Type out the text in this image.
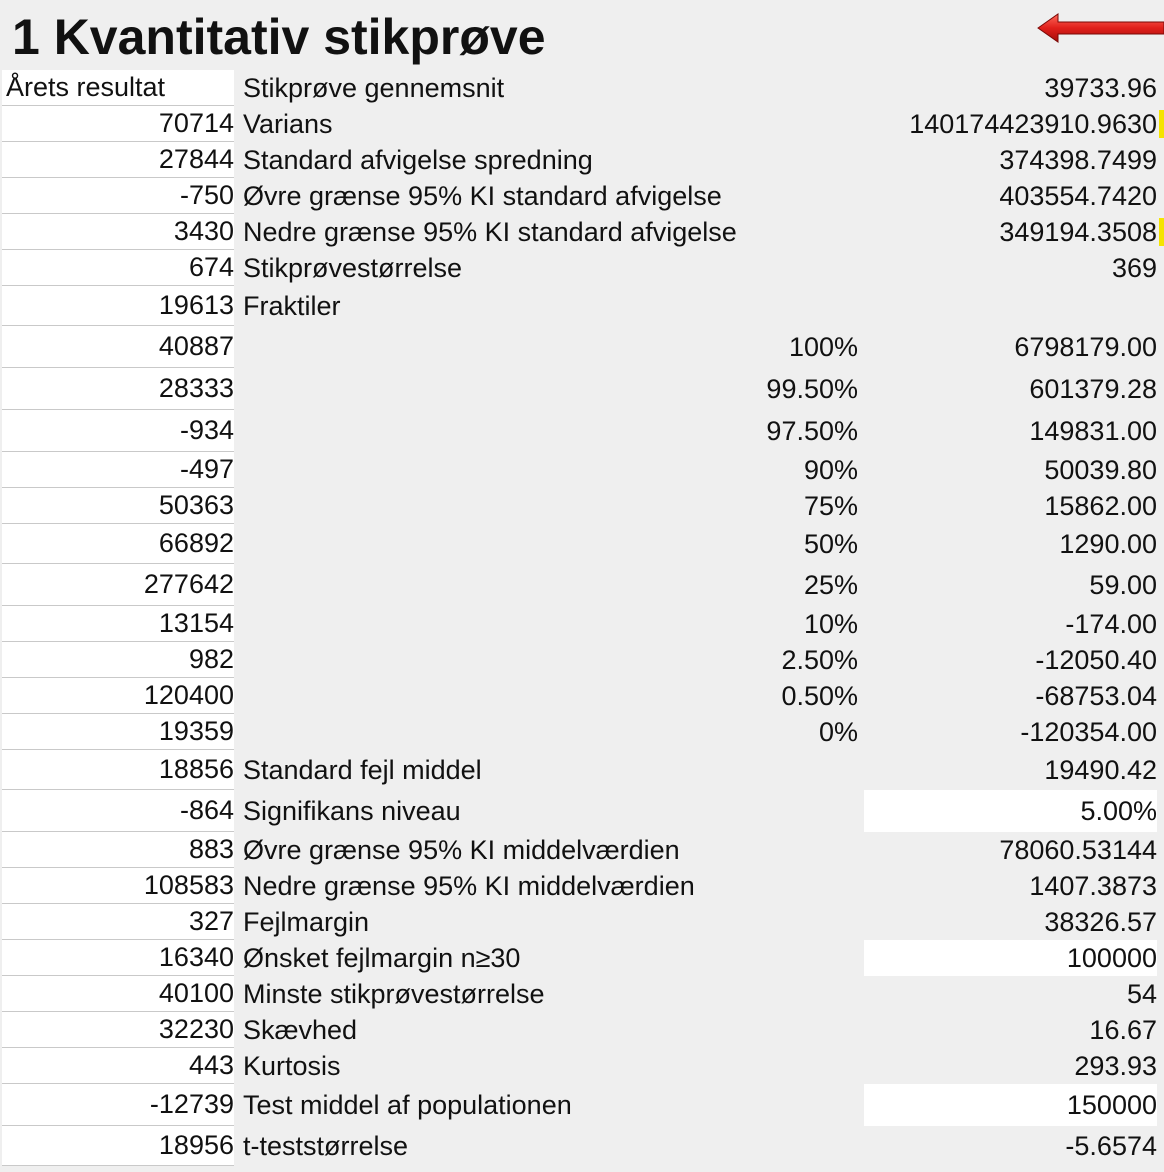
1 Kvantitativ stikprøve
Årets resultat	Stikprøve gennemsnit	39733.96
70714 Varians	140174423910.9630
27844 Standard afvigelse spredning	374398.7499
-750 Øvre grænse 95% KI standard afvigelse	403554.7420
3430 Nedre grænse 95% KI standard afvigelse	349194.3508
674 Stikprøvestørrelse	369
19613 Fraktiler
40887	100%	6798179.00
28333	99.50%	601379.28
-934	97.50%	149831.00
-497	90%	50039.80
50363	75%	15862.00
66892	50%	1290.00
277642	25%	59.00
13154	10%	-174.00
982	2.50%	-12050.40
120400	0.50%	-68753.04
19359	0%	-120354.00
18856 Standard fejl middel	19490.42
-864 Signifikans niveau	5.00%
883 Øvre grænse 95% KI middelværdien	78060.53144
108583 Nedre grænse 95% KI middelværdien	1407.3873
327 Fejlmargin	38326.57
16340 Ønsket fejlmargin n≥30	100000
40100 Minste stikprøvestørrelse	54
32230 Skævhed	16.67
443 Kurtosis	293.93
-12739 Test middel af populationen	150000
18956 t-teststørrelse	-5.6574
